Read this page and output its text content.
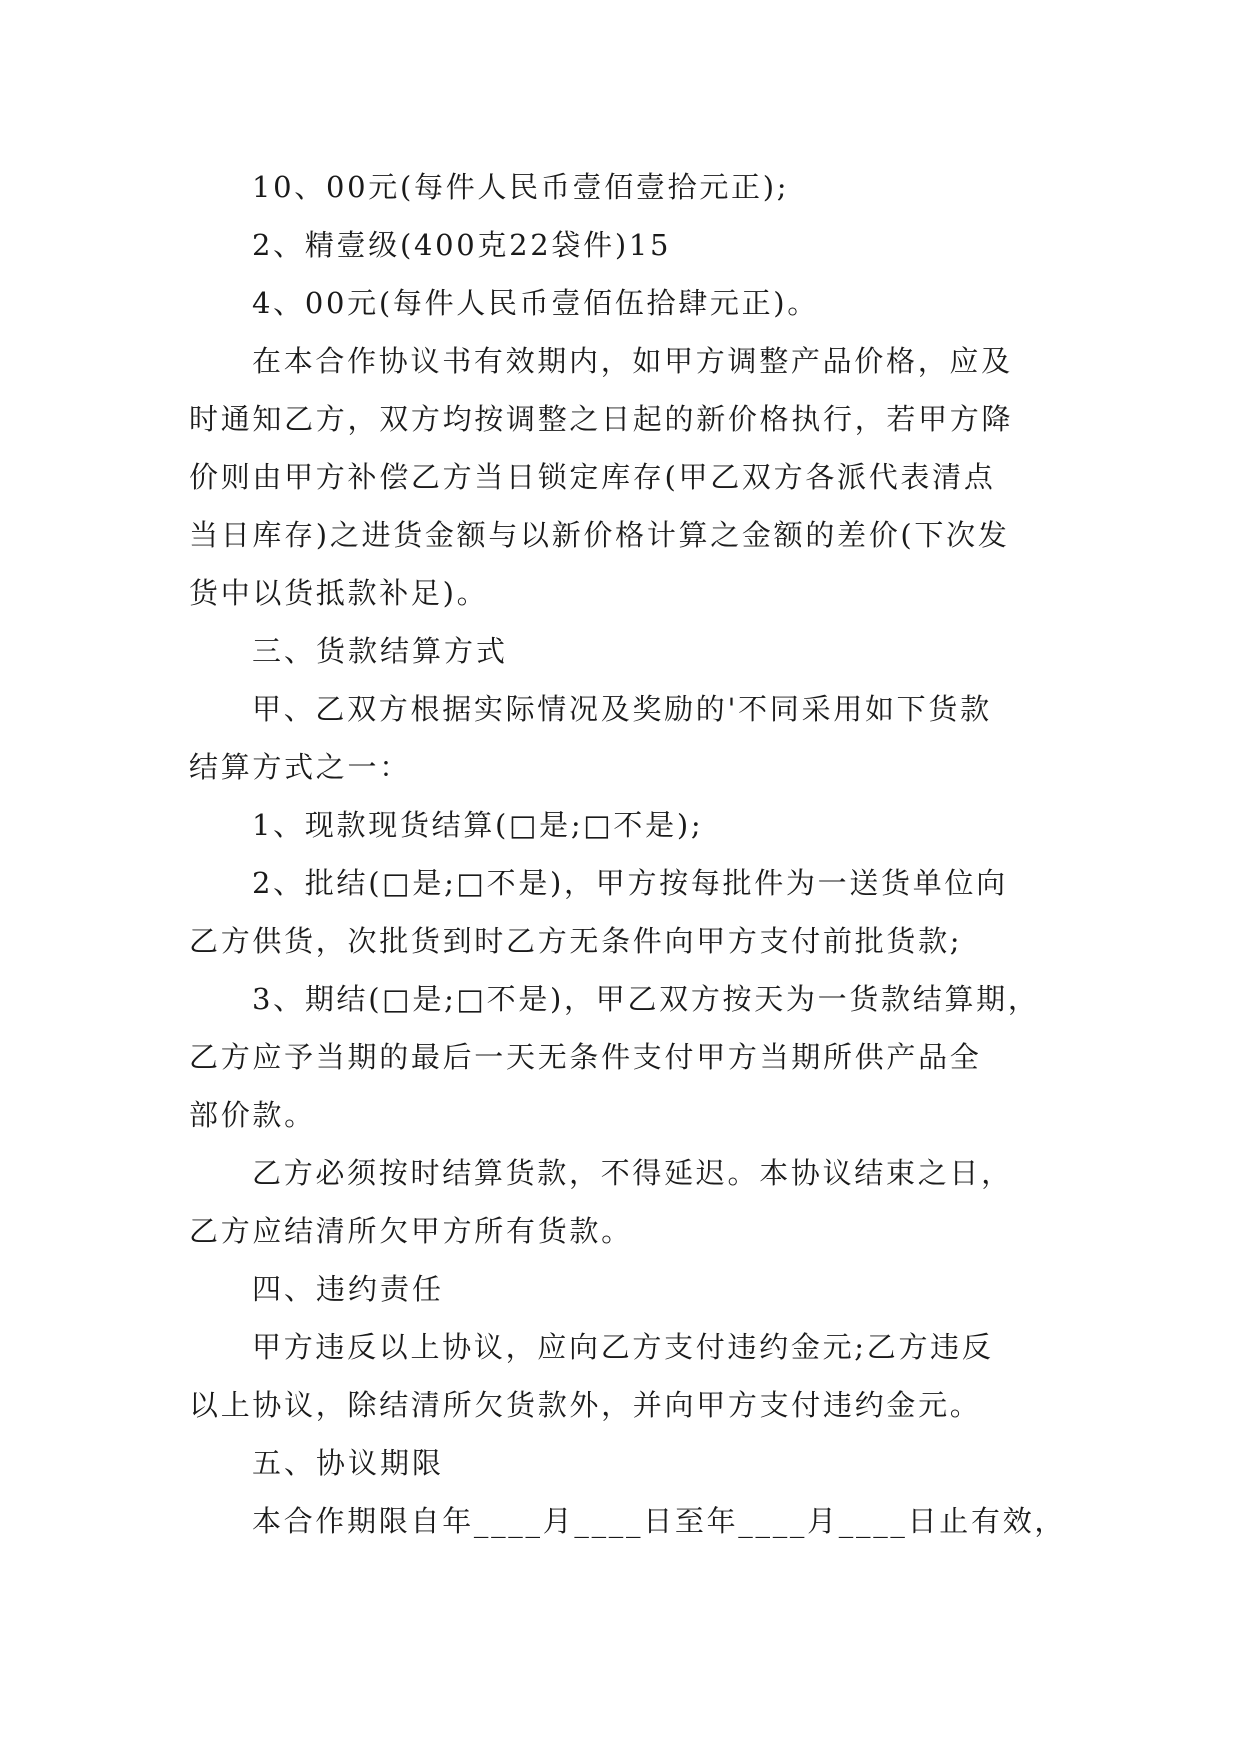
10、00元(每件人民币壹佰壹拾元正);
2、精壹级(400克22袋件)15
4、00元(每件人民币壹佰伍拾肆元正)。
在本合作协议书有效期内，如甲方调整产品价格，应及
时通知乙方，双方均按调整之日起的新价格执行，若甲方降
价则由甲方补偿乙方当日锁定库存(甲乙双方各派代表清点
当日库存)之进货金额与以新价格计算之金额的差价(下次发
货中以货抵款补足)。
三、货款结算方式
甲、乙双方根据实际情况及奖励的'不同采用如下货款
结算方式之一：
1、现款现货结算(□是;□不是);
2、批结(□是;□不是)，甲方按每批件为一送货单位向
乙方供货，次批货到时乙方无条件向甲方支付前批货款;
3、期结(□是;□不是)，甲乙双方按天为一货款结算期，
乙方应予当期的最后一天无条件支付甲方当期所供产品全
部价款。
乙方必须按时结算货款，不得延迟。本协议结束之日，
乙方应结清所欠甲方所有货款。
四、违约责任
甲方违反以上协议，应向乙方支付违约金元;乙方违反
以上协议，除结清所欠货款外，并向甲方支付违约金元。
五、协议期限
本合作期限自年____月____日至年____月____日止有效，
